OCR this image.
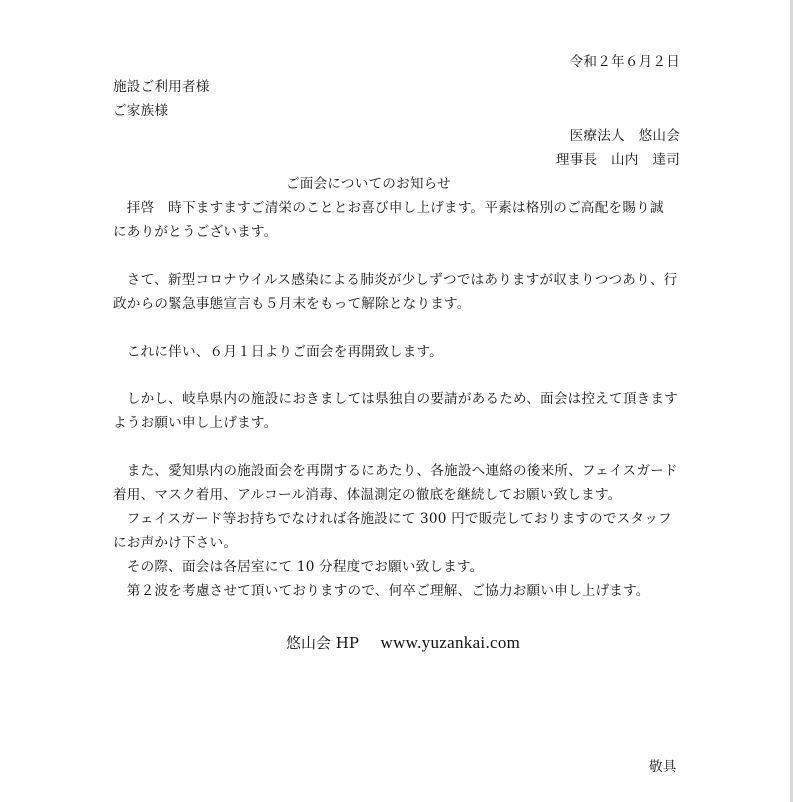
令和２年６月２日
施設ご利用者様
ご家族様
医療法人　悠山会
理事長　山内　達司
ご面会についてのお知らせ
　拝啓　時下ますますご清栄のこととお喜び申し上げます。平素は格別のご高配を賜り誠
にありがとうございます。
　さて、新型コロナウイルス感染による肺炎が少しずつではありますが収まりつつあり、行
政からの緊急事態宣言も５月末をもって解除となります。
　これに伴い、６月１日よりご面会を再開致します。
　しかし、岐阜県内の施設におきましては県独自の要請があるため、面会は控えて頂きます
ようお願い申し上げます。
　また、愛知県内の施設面会を再開するにあたり、各施設へ連絡の後来所、フェイスガード
着用、マスク着用、アルコール消毒、体温測定の徹底を継続してお願い致します。
　フェイスガード等お持ちでなければ各施設にて 300 円で販売しておりますのでスタッフ
にお声かけ下さい。
　その際、面会は各居室にて 10 分程度でお願い致します。
　第２波を考慮させて頂いておりますので、何卒ご理解、ご協力お願い申し上げます。
悠山会 HP www.yuzankai.com
敬具
